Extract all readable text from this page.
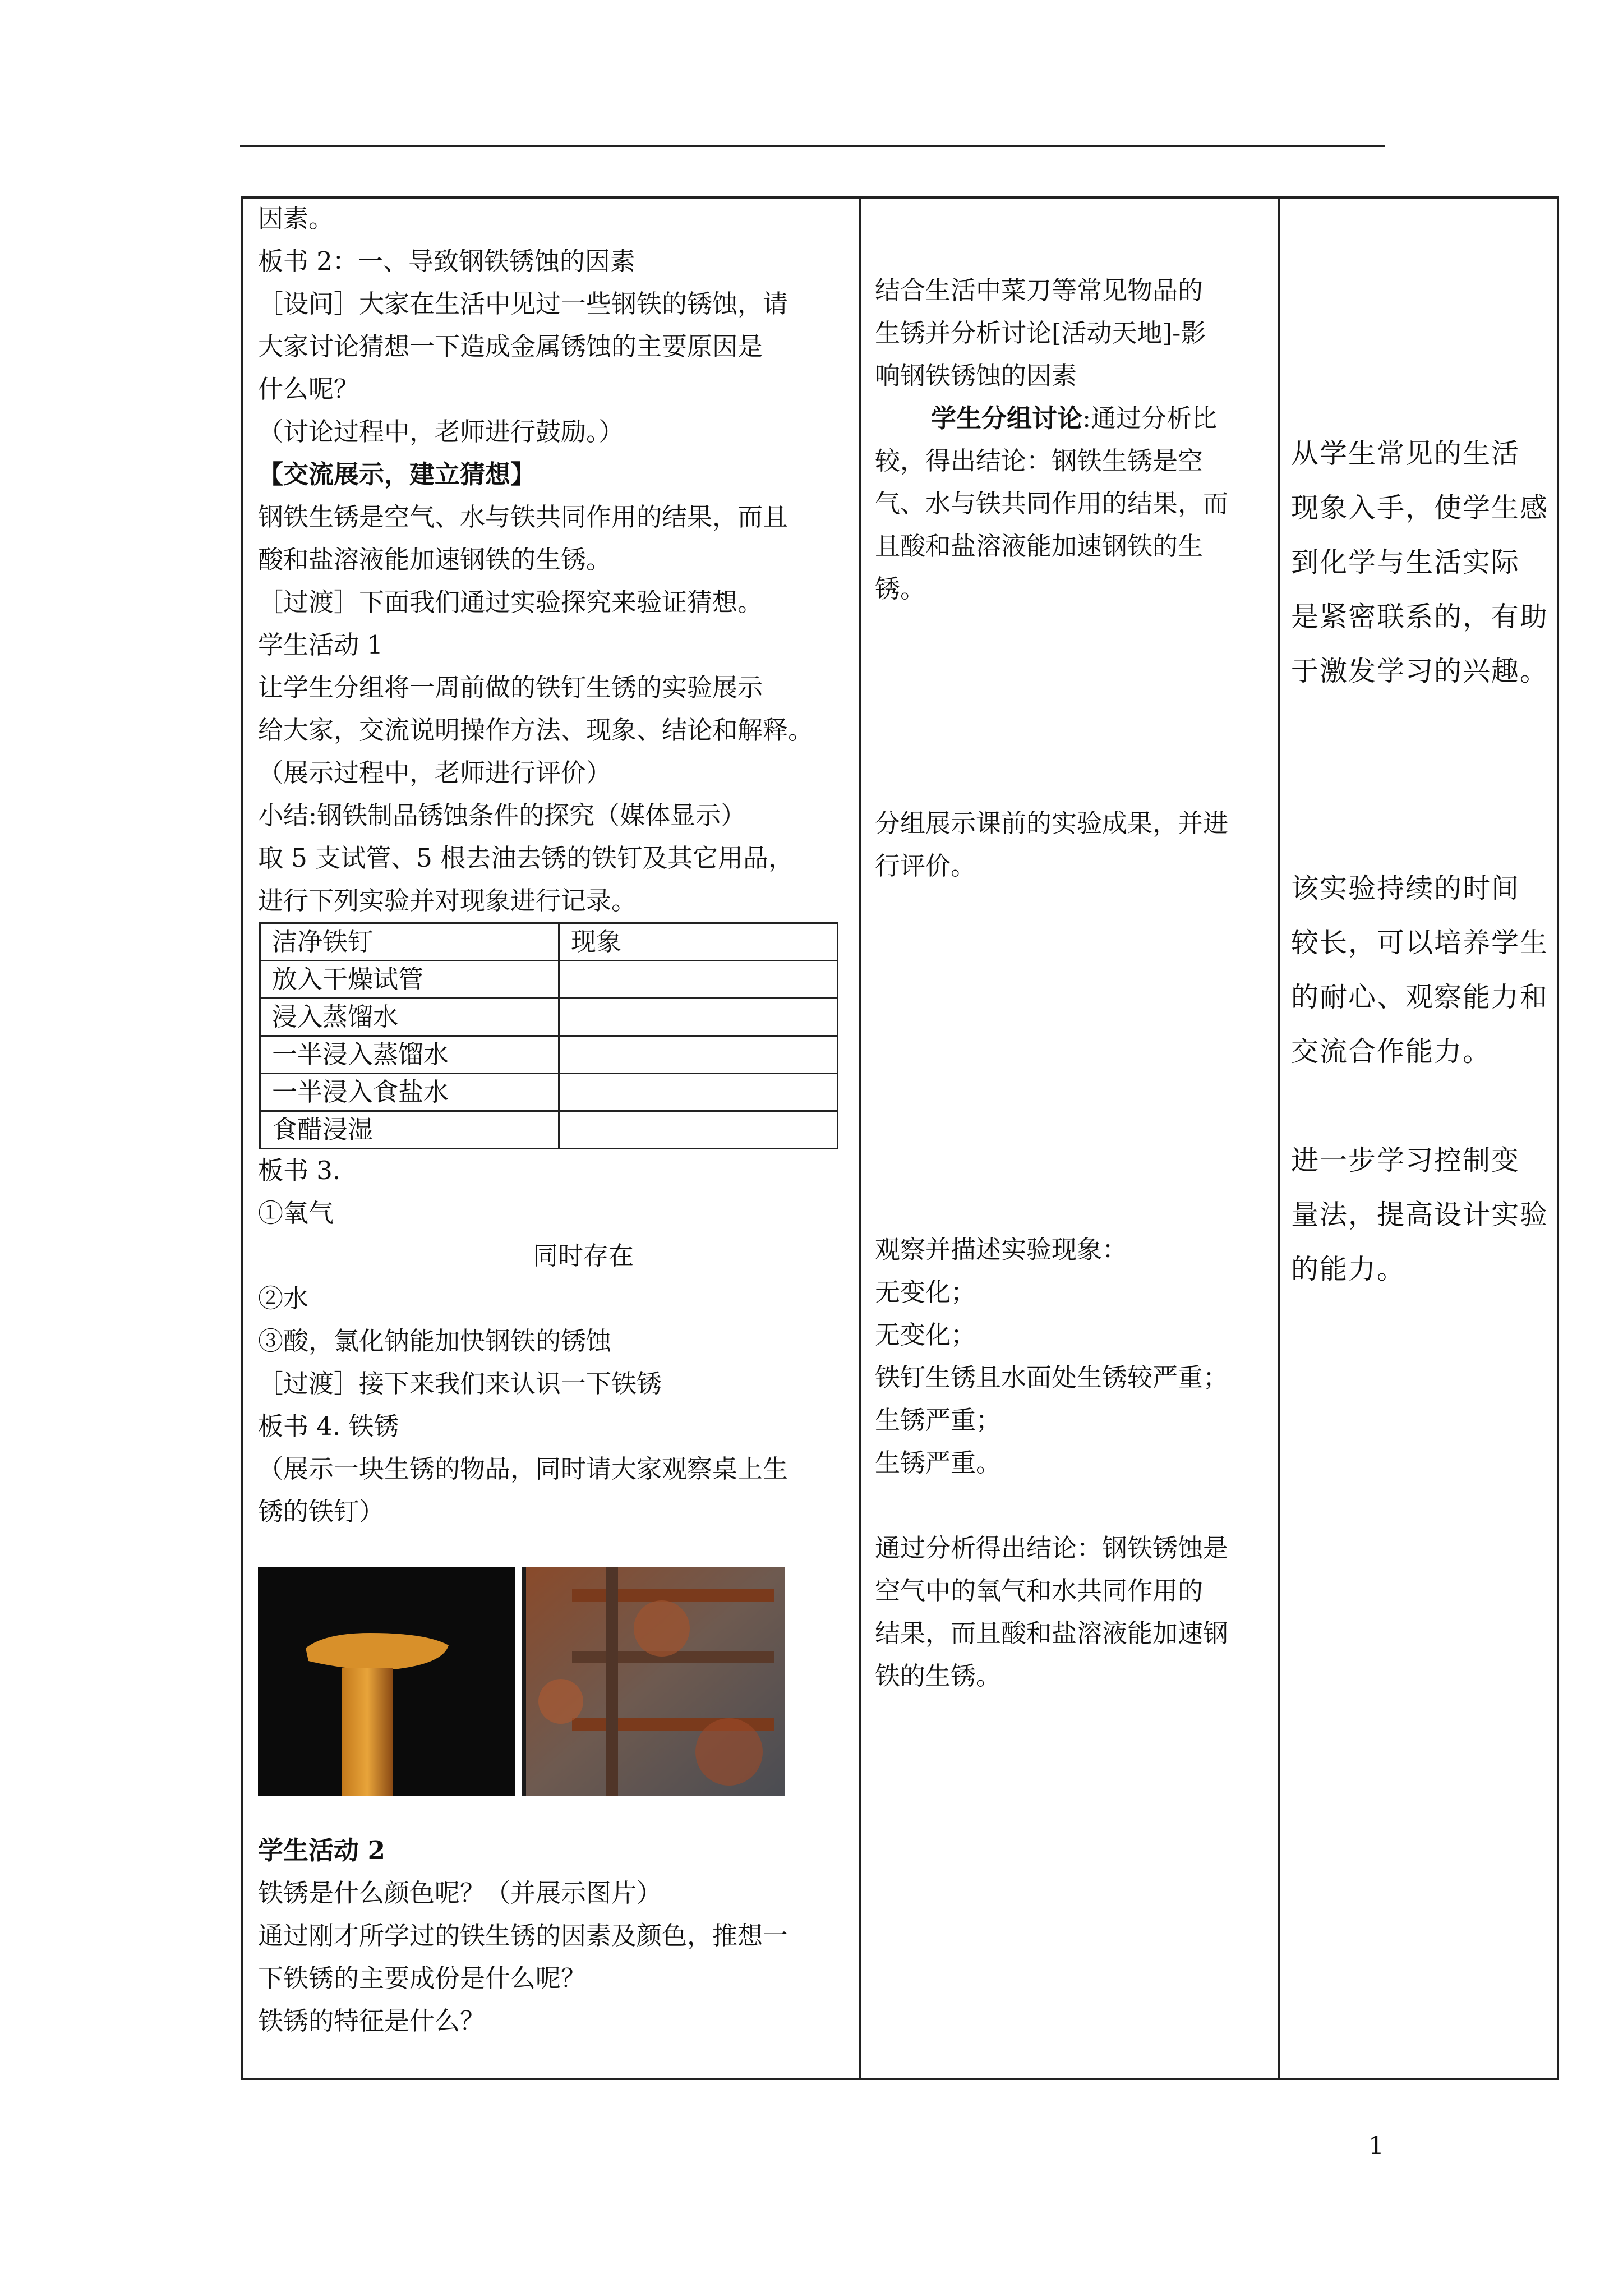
因素。
板书 2：一、导致钢铁锈蚀的因素
［设问］大家在生活中见过一些钢铁的锈蚀，请
大家讨论猜想一下造成金属锈蚀的主要原因是
什么呢？
（讨论过程中，老师进行鼓励。）
【交流展示，建立猜想】
钢铁生锈是空气、水与铁共同作用的结果，而且
酸和盐溶液能加速钢铁的生锈。
［过渡］下面我们通过实验探究来验证猜想。
学生活动 1
让学生分组将一周前做的铁钉生锈的实验展示
给大家，交流说明操作方法、现象、结论和解释。
（展示过程中，老师进行评价）
小结:钢铁制品锈蚀条件的探究（媒体显示）
取 5 支试管、5 根去油去锈的铁钉及其它用品，
进行下列实验并对现象进行记录。
洁净铁钉	现象
放入干燥试管	
浸入蒸馏水	
一半浸入蒸馏水	
一半浸入食盐水	
食醋浸湿	
板书 3.
①氧气
同时存在
②水
③酸，氯化钠能加快钢铁的锈蚀
［过渡］接下来我们来认识一下铁锈
板书 4. 铁锈
（展示一块生锈的物品，同时请大家观察桌上生
锈的铁钉）
学生活动 2
铁锈是什么颜色呢？（并展示图片）
通过刚才所学过的铁生锈的因素及颜色，推想一
下铁锈的主要成份是什么呢？
铁锈的特征是什么？
结合生活中菜刀等常见物品的
生锈并分析讨论[活动天地]-影
响钢铁锈蚀的因素
学生分组讨论:通过分析比
较，得出结论：钢铁生锈是空
气、水与铁共同作用的结果，而
且酸和盐溶液能加速钢铁的生
锈。
分组展示课前的实验成果，并进
行评价。
观察并描述实验现象：
无变化；
无变化；
铁钉生锈且水面处生锈较严重；
生锈严重；
生锈严重。
通过分析得出结论：钢铁锈蚀是
空气中的氧气和水共同作用的
结果，而且酸和盐溶液能加速钢
铁的生锈。
从学生常见的生活
现象入手，使学生感
到化学与生活实际
是紧密联系的，有助
于激发学习的兴趣。
该实验持续的时间
较长，可以培养学生
的耐心、观察能力和
交流合作能力。
进一步学习控制变
量法，提高设计实验
的能力。
1
